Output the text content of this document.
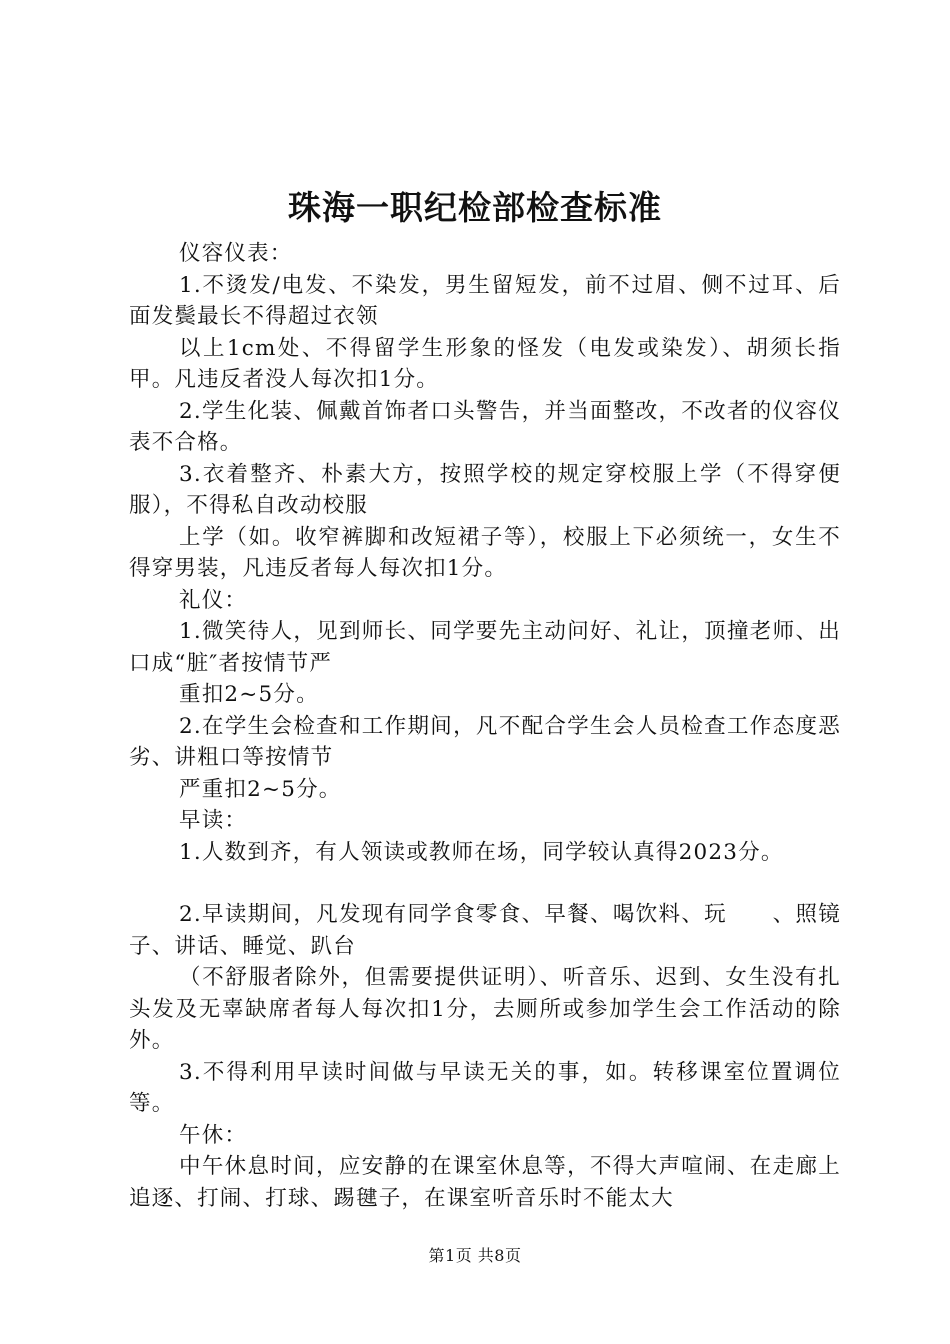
珠海一职纪检部检查标准

仪容仪表：

1.不烫发/电发、不染发，男生留短发，前不过眉、侧不过耳、后面发鬓最长不得超过衣领

以上1cm处、不得留学生形象的怪发（电发或染发）、胡须长指甲。凡违反者没人每次扣1分。

2.学生化装、佩戴首饰者口头警告，并当面整改，不改者的仪容仪表不合格。

3.衣着整齐、朴素大方，按照学校的规定穿校服上学（不得穿便服），不得私自改动校服

上学（如。收窄裤脚和改短裙子等），校服上下必须统一，女生不得穿男装，凡违反者每人每次扣1分。

礼仪：

1.微笑待人，见到师长、同学要先主动问好、礼让，顶撞老师、出口成“脏″者按情节严

重扣2~5分。

2.在学生会检查和工作期间，凡不配合学生会人员检查工作态度恶劣、讲粗口等按情节

严重扣2~5分。

早读：

1.人数到齐，有人领读或教师在场，同学较认真得2023分。

2.早读期间，凡发现有同学食零食、早餐、喝饮料、玩　　、照镜子、讲话、睡觉、趴台

（不舒服者除外，但需要提供证明）、听音乐、迟到、女生没有扎头发及无辜缺席者每人每次扣1分，去厕所或参加学生会工作活动的除外。

3.不得利用早读时间做与早读无关的事，如。转移课室位置调位等。

午休：

中午休息时间，应安静的在课室休息等，不得大声喧闹、在走廊上追逐、打闹、打球、踢毽子，在课室听音乐时不能太大

第1页 共8页
